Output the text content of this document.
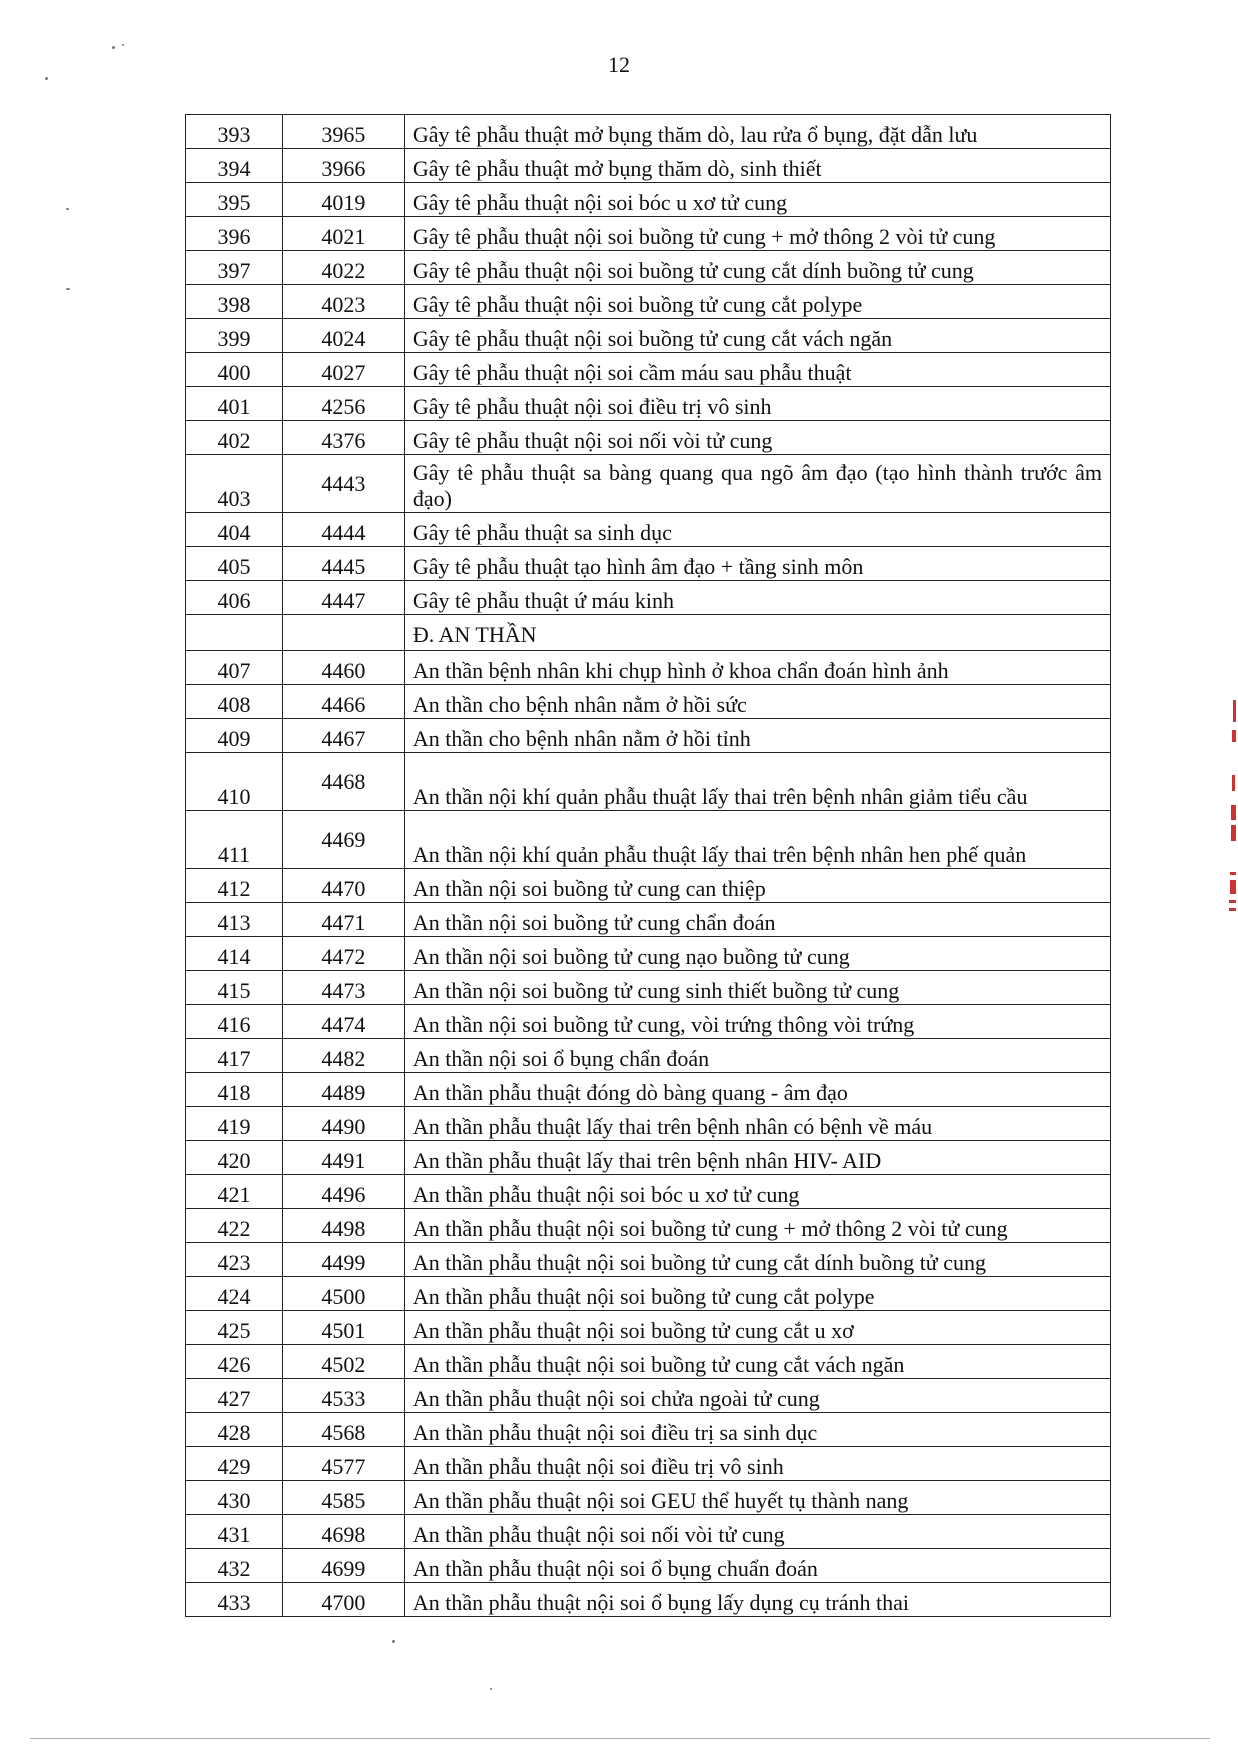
12
393	3965	Gây tê phẫu thuật mở bụng thăm dò, lau rửa ổ bụng, đặt dẫn lưu
394	3966	Gây tê phẫu thuật mở bụng thăm dò, sinh thiết
395	4019	Gây tê phẫu thuật nội soi bóc u xơ tử cung
396	4021	Gây tê phẫu thuật nội soi buồng tử cung + mở thông 2 vòi tử cung
397	4022	Gây tê phẫu thuật nội soi buồng tử cung cắt dính buồng tử cung
398	4023	Gây tê phẫu thuật nội soi buồng tử cung cắt polype
399	4024	Gây tê phẫu thuật nội soi buồng tử cung cắt vách ngăn
400	4027	Gây tê phẫu thuật nội soi cầm máu sau phẫu thuật
401	4256	Gây tê phẫu thuật nội soi điều trị vô sinh
402	4376	Gây tê phẫu thuật nội soi nối vòi tử cung
403	4443	Gây tê phẫu thuật sa bàng quang qua ngõ âm đạo (tạo hình thành trước âm đạo)
404	4444	Gây tê phẫu thuật sa sinh dục
405	4445	Gây tê phẫu thuật tạo hình âm đạo + tầng sinh môn
406	4447	Gây tê phẫu thuật ứ máu kinh
		Đ. AN THẦN
407	4460	An thần bệnh nhân khi chụp hình ở khoa chẩn đoán hình ảnh
408	4466	An thần cho bệnh nhân nằm ở hồi sức
409	4467	An thần cho bệnh nhân nằm ở hồi tỉnh
410	4468	An thần nội khí quản phẫu thuật lấy thai trên bệnh nhân giảm tiểu cầu
411	4469	An thần nội khí quản phẫu thuật lấy thai trên bệnh nhân hen phế quản
412	4470	An thần nội soi buồng tử cung can thiệp
413	4471	An thần nội soi buồng tử cung chẩn đoán
414	4472	An thần nội soi buồng tử cung nạo buồng tử cung
415	4473	An thần nội soi buồng tử cung sinh thiết buồng tử cung
416	4474	An thần nội soi buồng tử cung, vòi trứng thông vòi trứng
417	4482	An thần nội soi ổ bụng chẩn đoán
418	4489	An thần phẫu thuật đóng dò bàng quang - âm đạo
419	4490	An thần phẫu thuật lấy thai trên bệnh nhân có bệnh về máu
420	4491	An thần phẫu thuật lấy thai trên bệnh nhân HIV- AID
421	4496	An thần phẫu thuật nội soi bóc u xơ tử cung
422	4498	An thần phẫu thuật nội soi buồng tử cung + mở thông 2 vòi tử cung
423	4499	An thần phẫu thuật nội soi buồng tử cung cắt dính buồng tử cung
424	4500	An thần phẫu thuật nội soi buồng tử cung cắt polype
425	4501	An thần phẫu thuật nội soi buồng tử cung cắt u xơ
426	4502	An thần phẫu thuật nội soi buồng tử cung cắt vách ngăn
427	4533	An thần phẫu thuật nội soi chửa ngoài tử cung
428	4568	An thần phẫu thuật nội soi điều trị sa sinh dục
429	4577	An thần phẫu thuật nội soi điều trị vô sinh
430	4585	An thần phẫu thuật nội soi GEU thể huyết tụ thành nang
431	4698	An thần phẫu thuật nội soi nối vòi tử cung
432	4699	An thần phẫu thuật nội soi ổ bụng chuẩn đoán
433	4700	An thần phẫu thuật nội soi ổ bụng lấy dụng cụ tránh thai
